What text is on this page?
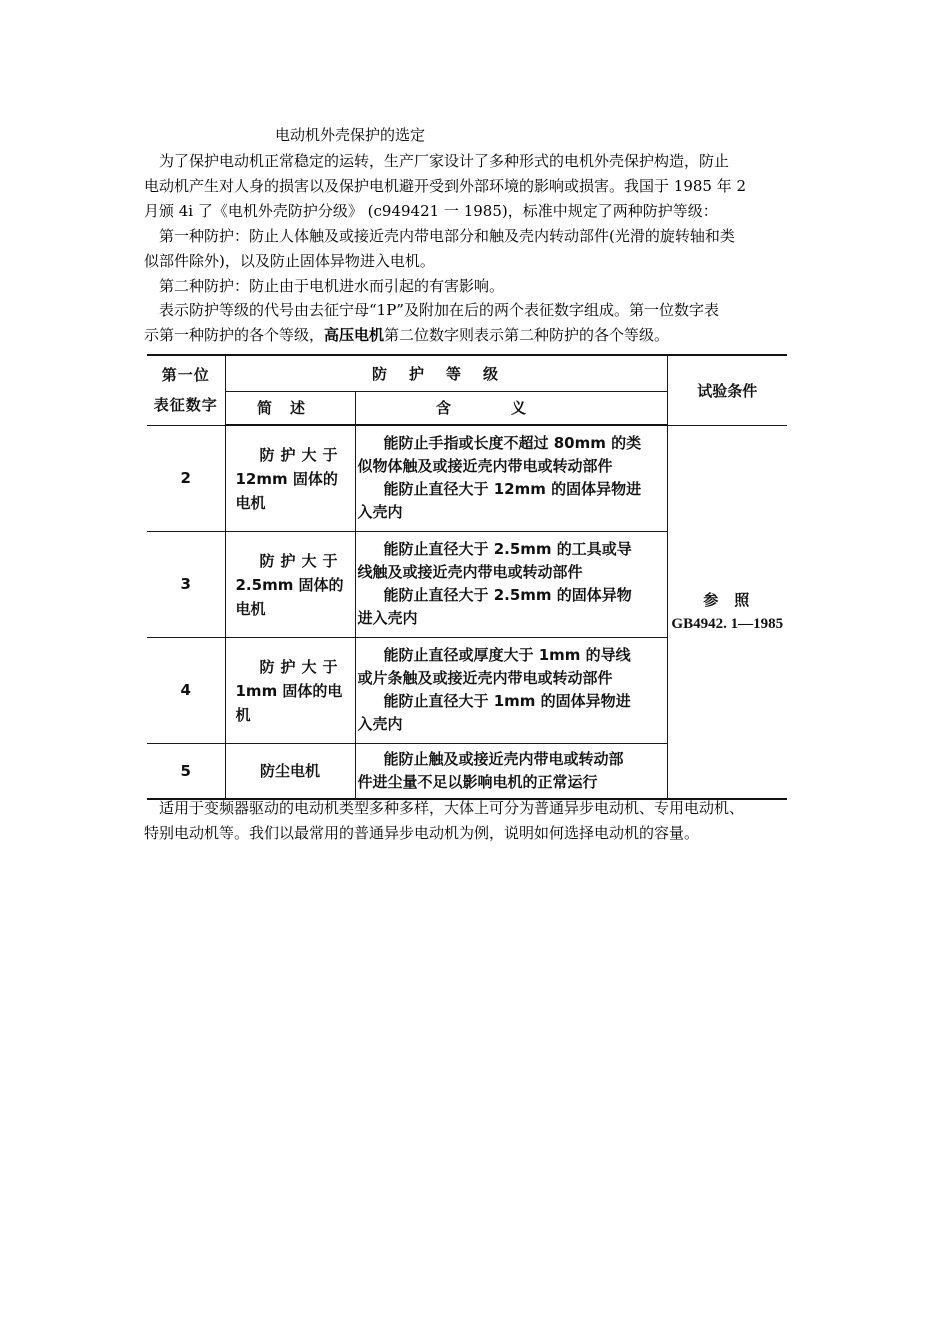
电动机外壳保护的选定
 为了保护电动机正常稳定的运转，生产厂家设计了多种形式的电机外壳保护构造，防止
电动机产生对人身的损害以及保护电机避开受到外部环境的影响或损害。我国于 1985 年 2
月颁 4i 了《电机外壳防护分级》 (c949421 一 1985)，标准中规定了两种防护等级：
 第一种防护：防止人体触及或接近壳内带电部分和触及壳内转动部件(光滑的旋转轴和类
似部件除外)，以及防止固体异物进入电机。
 第二种防护：防止由于电机进水而引起的有害影响。
 表示防护等级的代号由去征宁母“1P”及附加在后的两个表征数字组成。第一位数字表
示第一种防护的各个等级，高压电机第二位数字则表示第二种防护的各个等级。
第一位
表征数字	防护等级		试验条件
	简述	含义	
2	防护大于
12mm 固体的
电机	能防止手指或长度不超过 80mm 的类
似物体触及或接近壳内带电或转动部件
能防止直径大于 12mm 的固体异物进
入壳内	参照
GB4942. 1—1985

3	防护大于
2.5mm 固体的
电机	能防止直径大于 2.5mm 的工具或导
线触及或接近壳内带电或转动部件
能防止直径大于 2.5mm 的固体异物
进入壳内	

4	防护大于
1mm 固体的电
机	能防止直径或厚度大于 1mm 的导线
或片条触及或接近壳内带电或转动部件
能防止直径大于 1mm 的固体异物进
入壳内	

5	防尘电机	能防止触及或接近壳内带电或转动部
件进尘量不足以影响电机的正常运行	
 适用于变频器驱动的电动机类型多种多样，大体上可分为普通异步电动机、专用电动机、
特别电动机等。我们以最常用的普通异步电动机为例，说明如何选择电动机的容量。
